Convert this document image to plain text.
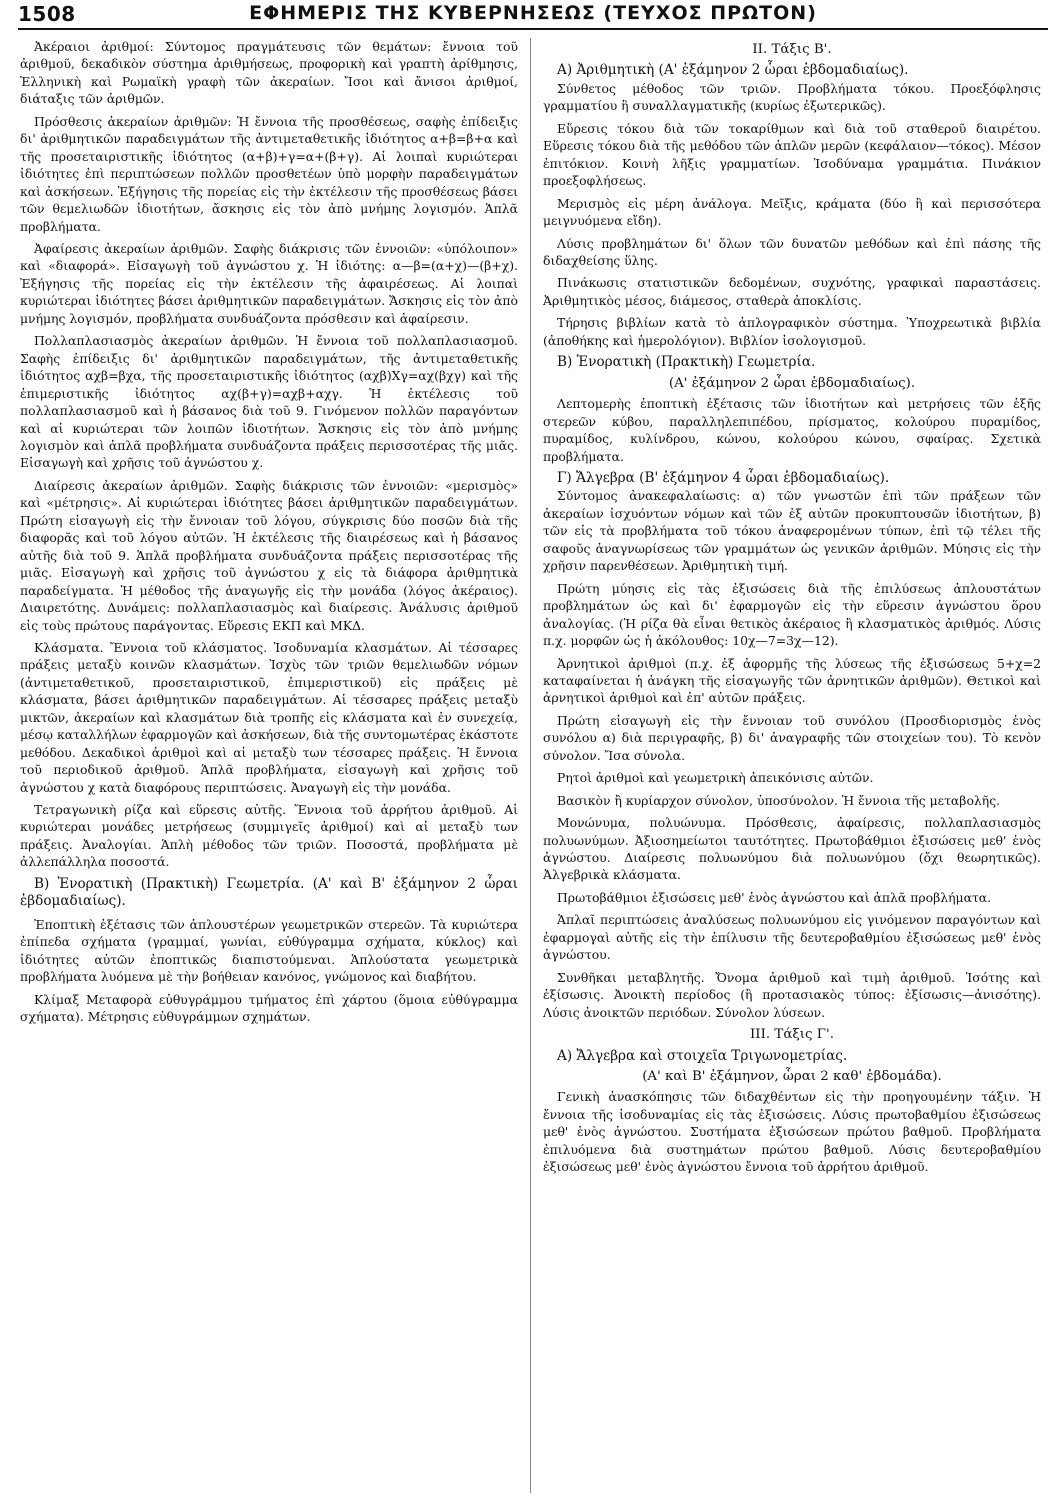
1508	ΕΦΗΜΕΡΙΣ ΤΗΣ ΚΥΒΕΡΝΗΣΕΩΣ (ΤΕΥΧΟΣ ΠΡΩΤΟΝ)

Ἀκέραιοι ἀριθμοί: Σύντομος πραγμάτευσις τῶν θεμάτων: ἔννοια τοῦ ἀριθμοῦ, δεκαδικὸν σύστημα ἀριθμήσεως, προφορικὴ καὶ γραπτὴ ἀρίθμησις, Ἑλληνικὴ καὶ Ρωμαϊκὴ γραφὴ τῶν ἀκεραίων. Ἴσοι καὶ ἄνισοι ἀριθμοί, διάταξις τῶν ἀριθμῶν.

Πρόσθεσις ἀκεραίων ἀριθμῶν: Ἡ ἔννοια τῆς προσθέσεως, σαφὴς ἐπίδειξις δι' ἀριθμητικῶν παραδειγμάτων τῆς ἀντιμεταθετικῆς ἰδιότητος α+β=β+α καὶ τῆς προσεταιριστικῆς ἰδιότητος (α+β)+γ=α+(β+γ). Αἱ λοιπαὶ κυριώτεραι ἰδιότητες ἐπὶ περιπτώσεων πολλῶν προσθετέων ὑπὸ μορφὴν παραδειγμάτων καὶ ἀσκήσεων. Ἐξήγησις τῆς πορείας εἰς τὴν ἐκτέλεσιν τῆς προσθέσεως βάσει τῶν θεμελιωδῶν ἰδιοτήτων, ἄσκησις εἰς τὸν ἀπὸ μνήμης λογισμόν. Ἁπλᾶ προβλήματα.

Ἀφαίρεσις ἀκεραίων ἀριθμῶν. Σαφὴς διάκρισις τῶν ἐννοιῶν: «ὑπόλοιπον» καὶ «διαφορά». Εἰσαγωγὴ τοῦ ἀγνώστου χ. Ἡ ἰδιότης: α—β=(α+χ)—(β+χ). Ἐξήγησις τῆς πορείας εἰς τὴν ἐκτέλεσιν τῆς ἀφαιρέσεως. Αἱ λοιπαὶ κυριώτεραι ἰδιότητες βάσει ἀριθμητικῶν παραδειγμάτων. Ἄσκησις εἰς τὸν ἀπὸ μνήμης λογισμόν, προβλήματα συνδυάζοντα πρόσθεσιν καὶ ἀφαίρεσιν.

Πολλαπλασιασμὸς ἀκεραίων ἀριθμῶν. Ἡ ἔννοια τοῦ πολλαπλασιασμοῦ. Σαφὴς ἐπίδειξις δι' ἀριθμητικῶν παραδειγμάτων, τῆς ἀντιμεταθετικῆς ἰδιότητος αχβ=βχα, τῆς προσεταιριστικῆς ἰδιότητος (αχβ)Χγ=αχ(βχγ) καὶ τῆς ἐπιμεριστικῆς ἰδιότητος αχ(β+γ)=αχβ+αχγ. Ἡ ἐκτέλεσις τοῦ πολλαπλασιασμοῦ καὶ ἡ βάσανος διὰ τοῦ 9. Γινόμενον πολλῶν παραγόντων καὶ αἱ κυριώτεραι τῶν λοιπῶν ἰδιοτήτων. Ἄσκησις εἰς τὸν ἀπὸ μνήμης λογισμὸν καὶ ἁπλᾶ προβλήματα συνδυάζοντα πράξεις περισσοτέρας τῆς μιᾶς. Εἰσαγωγὴ καὶ χρῆσις τοῦ ἀγνώστου χ.

Διαίρεσις ἀκεραίων ἀριθμῶν. Σαφὴς διάκρισις τῶν ἐννοιῶν: «μερισμὸς» καὶ «μέτρησις». Αἱ κυριώτεραι ἰδιότητες βάσει ἀριθμητικῶν παραδειγμάτων. Πρώτη εἰσαγωγὴ εἰς τὴν ἔννοιαν τοῦ λόγου, σύγκρισις δύο ποσῶν διὰ τῆς διαφορᾶς καὶ τοῦ λόγου αὐτῶν. Ἡ ἐκτέλεσις τῆς διαιρέσεως καὶ ἡ βάσανος αὐτῆς διὰ τοῦ 9. Ἁπλᾶ προβλήματα συνδυάζοντα πράξεις περισσοτέρας τῆς μιᾶς. Εἰσαγωγὴ καὶ χρῆσις τοῦ ἀγνώστου χ εἰς τὰ διάφορα ἀριθμητικὰ παραδείγματα. Ἡ μέθοδος τῆς ἀναγωγῆς εἰς τὴν μονάδα (λόγος ἀκέραιος). Διαιρετότης. Δυνάμεις: πολλαπλασιασμὸς καὶ διαίρεσις. Ἀνάλυσις ἀριθμοῦ εἰς τοὺς πρώτους παράγοντας. Εὕρεσις ΕΚΠ καὶ ΜΚΔ.

Κλάσματα. Ἔννοια τοῦ κλάσματος. Ἰσοδυναμία κλασμάτων. Αἱ τέσσαρες πράξεις μεταξὺ κοινῶν κλασμάτων. Ἰσχὺς τῶν τριῶν θεμελιωδῶν νόμων (ἀντιμεταθετικοῦ, προσεταιριστικοῦ, ἐπιμεριστικοῦ) εἰς πράξεις μὲ κλάσματα, βάσει ἀριθμητικῶν παραδειγμάτων. Αἱ τέσσαρες πράξεις μεταξὺ μικτῶν, ἀκεραίων καὶ κλασμάτων διὰ τροπῆς εἰς κλάσματα καὶ ἐν συνεχείᾳ, μέσῳ καταλλήλων ἐφαρμογῶν καὶ ἀσκήσεων, διὰ τῆς συντομωτέρας ἑκάστοτε μεθόδου. Δεκαδικοὶ ἀριθμοὶ καὶ αἱ μεταξὺ των τέσσαρες πράξεις. Ἡ ἔννοια τοῦ περιοδικοῦ ἀριθμοῦ. Ἁπλᾶ προβλήματα, εἰσαγωγὴ καὶ χρῆσις τοῦ ἀγνώστου χ κατὰ διαφόρους περιπτώσεις. Ἀναγωγὴ εἰς τὴν μονάδα.

Τετραγωνικὴ ρίζα καὶ εὕρεσις αὐτῆς. Ἔννοια τοῦ ἀρρήτου ἀριθμοῦ. Αἱ κυριώτεραι μονάδες μετρήσεως (συμμιγεῖς ἀριθμοί) καὶ αἱ μεταξὺ των πράξεις. Ἀναλογίαι. Ἁπλὴ μέθοδος τῶν τριῶν. Ποσοστά, προβλήματα μὲ ἀλλεπάλληλα ποσοστά.

Β) Ἐνορατικὴ (Πρακτικὴ) Γεωμετρία. (Α' καὶ Β' ἑξάμηνον 2 ὧραι ἑβδομαδιαίως).

Ἐποπτικὴ ἐξέτασις τῶν ἁπλουστέρων γεωμετρικῶν στερεῶν. Τὰ κυριώτερα ἐπίπεδα σχήματα (γραμμαί, γωνίαι, εὐθύγραμμα σχήματα, κύκλος) καὶ ἰδιότητες αὐτῶν ἐποπτικῶς διαπιστούμεναι. Ἁπλούστατα γεωμετρικὰ προβλήματα λυόμενα μὲ τὴν βοήθειαν κανόνος, γνώμονος καὶ διαβήτου.

Κλίμαξ Μεταφορὰ εὐθυγράμμου τμήματος ἐπὶ χάρτου (ὅμοια εὐθύγραμμα σχήματα). Μέτρησις εὐθυγράμμων σχημάτων.

ΙΙ. Τάξις Β'.

Α) Ἀριθμητικὴ (Α' ἑξάμηνον 2 ὧραι ἑβδομαδιαίως).

Σύνθετος μέθοδος τῶν τριῶν. Προβλήματα τόκου. Προεξόφλησις γραμματίου ἢ συναλλαγματικῆς (κυρίως ἐξωτερικῶς).

Εὕρεσις τόκου διὰ τῶν τοκαρίθμων καὶ διὰ τοῦ σταθεροῦ διαιρέτου. Εὕρεσις τόκου διὰ τῆς μεθόδου τῶν ἁπλῶν μερῶν (κεφάλαιον—τόκος). Μέσον ἐπιτόκιον. Κοινὴ λῆξις γραμματίων. Ἰσοδύναμα γραμμάτια. Πινάκιον προεξοφλήσεως.

Μερισμὸς εἰς μέρη ἀνάλογα. Μεῖξις, κράματα (δύο ἢ καὶ περισσότερα μειγνυόμενα εἴδη).

Λύσις προβλημάτων δι' ὅλων τῶν δυνατῶν μεθόδων καὶ ἐπὶ πάσης τῆς διδαχθείσης ὕλης.

Πινάκωσις στατιστικῶν δεδομένων, συχνότης, γραφικαὶ παραστάσεις. Ἀριθμητικὸς μέσος, διάμεσος, σταθερὰ ἀποκλίσις.

Τήρησις βιβλίων κατὰ τὸ ἁπλογραφικὸν σύστημα. Ὑποχρεωτικὰ βιβλία (ἀποθήκης καὶ ἡμερολόγιον). Βιβλίον ἰσολογισμοῦ.

Β) Ἐνορατικὴ (Πρακτικὴ) Γεωμετρία.

(Α' ἑξάμηνον 2 ὧραι ἑβδομαδιαίως).

Λεπτομερὴς ἐποπτικὴ ἐξέτασις τῶν ἰδιοτήτων καὶ μετρήσεις τῶν ἑξῆς στερεῶν κύβου, παραλληλεπιπέδου, πρίσματος, κολούρου πυραμίδος, πυραμίδος, κυλίνδρου, κώνου, κολούρου κώνου, σφαίρας. Σχετικὰ προβλήματα.

Γ) Ἄλγεβρα (Β' ἑξάμηνον 4 ὧραι ἑβδομαδιαίως).

Σύντομος ἀνακεφαλαίωσις: α) τῶν γνωστῶν ἐπὶ τῶν πράξεων τῶν ἀκεραίων ἰσχυόντων νόμων καὶ τῶν ἐξ αὐτῶν προκυπτουσῶν ἰδιοτήτων, β) τῶν εἰς τὰ προβλήματα τοῦ τόκου ἀναφερομένων τύπων, ἐπὶ τῷ τέλει τῆς σαφοῦς ἀναγνωρίσεως τῶν γραμμάτων ὡς γενικῶν ἀριθμῶν. Μύησις εἰς τὴν χρῆσιν παρενθέσεων. Ἀριθμητικὴ τιμή.

Πρώτη μύησις εἰς τὰς ἐξισώσεις διὰ τῆς ἐπιλύσεως ἁπλουστάτων προβλημάτων ὡς καὶ δι' ἐφαρμογῶν εἰς τὴν εὕρεσιν ἀγνώστου ὅρου ἀναλογίας. (Ἡ ρίζα θὰ εἶναι θετικὸς ἀκέραιος ἢ κλασματικὸς ἀριθμός. Λύσις π.χ. μορφῶν ὡς ἡ ἀκόλουθος: 10χ—7=3χ—12).

Ἀρνητικοὶ ἀριθμοὶ (π.χ. ἐξ ἀφορμῆς τῆς λύσεως τῆς ἐξισώσεως 5+χ=2 καταφαίνεται ἡ ἀνάγκη τῆς εἰσαγωγῆς τῶν ἀρνητικῶν ἀριθμῶν). Θετικοὶ καὶ ἀρνητικοὶ ἀριθμοὶ καὶ ἐπ' αὐτῶν πράξεις.

Πρώτη εἰσαγωγὴ εἰς τὴν ἔννοιαν τοῦ συνόλου (Προσδιορισμὸς ἑνὸς συνόλου α) διὰ περιγραφῆς, β) δι' ἀναγραφῆς τῶν στοιχείων του). Τὸ κενὸν σύνολον. Ἴσα σύνολα.

Ρητοὶ ἀριθμοὶ καὶ γεωμετρικὴ ἀπεικόνισις αὐτῶν.

Βασικὸν ἢ κυρίαρχον σύνολον, ὑποσύνολον. Ἡ ἔννοια τῆς μεταβολῆς.

Μονώνυμα, πολυώνυμα. Πρόσθεσις, ἀφαίρεσις, πολλαπλασιασμὸς πολυωνύμων. Ἀξιοσημείωτοι ταυτότητες. Πρωτοβάθμιοι ἐξισώσεις μεθ' ἑνὸς ἀγνώστου. Διαίρεσις πολυωνύμου διὰ πολυωνύμου (ὄχι θεωρητικῶς). Ἀλγεβρικὰ κλάσματα.

Πρωτοβάθμιοι ἐξισώσεις μεθ' ἑνὸς ἀγνώστου καὶ ἁπλᾶ προβλήματα.

Ἁπλαῖ περιπτώσεις ἀναλύσεως πολυωνύμου εἰς γινόμενον παραγόντων καὶ ἐφαρμογαὶ αὐτῆς εἰς τὴν ἐπίλυσιν τῆς δευτεροβαθμίου ἐξισώσεως μεθ' ἑνὸς ἀγνώστου.

Συνθῆκαι μεταβλητῆς. Ὄνομα ἀριθμοῦ καὶ τιμὴ ἀριθμοῦ. Ἰσότης καὶ ἐξίσωσις. Ἀνοικτὴ περίοδος (ἢ προτασιακὸς τύπος: ἐξίσωσις—ἀνισότης). Λύσις ἀνοικτῶν περιόδων. Σύνολον λύσεων.

ΙΙΙ. Τάξις Γ'.

Α) Ἄλγεβρα καὶ στοιχεῖα Τριγωνομετρίας.

(Α' καὶ Β' ἑξάμηνον, ὧραι 2 καθ' ἑβδομάδα).

Γενικὴ ἀνασκόπησις τῶν διδαχθέντων εἰς τὴν προηγουμένην τάξιν. Ἡ ἔννοια τῆς ἰσοδυναμίας εἰς τὰς ἐξισώσεις. Λύσις πρωτοβαθμίου ἐξισώσεως μεθ' ἑνὸς ἀγνώστου. Συστήματα ἐξισώσεων πρώτου βαθμοῦ. Προβλήματα ἐπιλυόμενα διὰ συστημάτων πρώτου βαθμοῦ. Λύσις δευτεροβαθμίου ἐξισώσεως μεθ' ἑνὸς ἀγνώστου ἔννοια τοῦ ἀρρήτου ἀριθμοῦ.
